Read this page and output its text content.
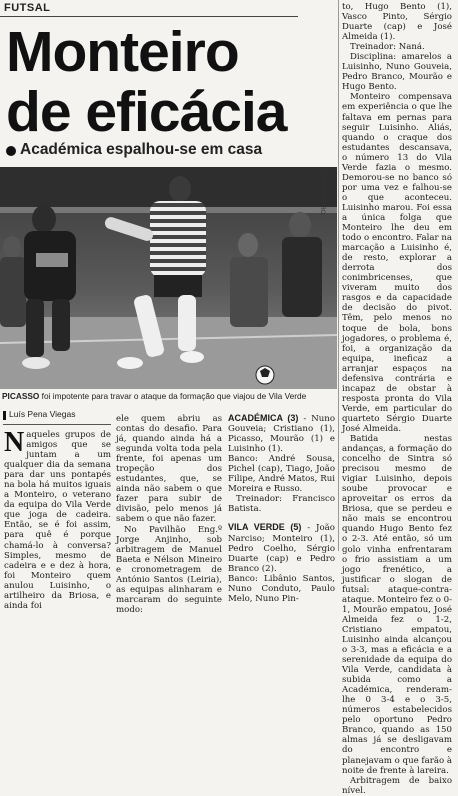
FUTSAL
Monteiro
de eficácia
Académica espalhou-se em casa
ARTE RIBEIRO
PICASSO foi impotente para travar o ataque da formação que viajou de Vila Verde
Luís Pena Viegas

Naqueles grupos de amigos que se juntam a um qualquer dia da semana para dar uns pontapés na bola há muitos iguais a Monteiro, o veterano da equipa do Vila Verde que joga de cadeira. Então, se é foi assim, para quê é porque chamá-lo à conversa? Simples, mesmo de cadeira e e dez à hora, foi Monteiro quem anulou Luisinho, o artilheiro da Briosa, e ainda foi

ele quem abriu as contas do desafio. Para já, quando ainda há a segunda volta toda pela frente, foi apenas um tropeção dos estudantes, que, se ainda não sabem o que fazer para subir de divisão, pelo menos já sabem o que não fazer.

No Pavilhão Eng.º Jorge Anjinho, sob arbitragem de Manuel Baeta e Nélson Mineiro e cronometragem de António Santos (Leiria), as equipas alinharam e marcaram do seguinte modo:

ACADÉMICA (3) - Nuno Gouveia; Cristiano (1), Picasso, Mourão (1) e Luisinho (1).

Banco: André Sousa, Pichel (cap), Tiago, João Filipe, André Matos, Rui Moreira e Russo.

Treinador: Francisco Batista.

VILA VERDE (5) - João Narciso; Monteiro (1), Pedro Coelho, Sérgio Duarte (cap) e Pedro Branco (2).

Banco: Libânio Santos, Nuno Conduto, Paulo Melo, Nuno Pin-

to, Hugo Bento (1), Vasco Pinto, Sérgio Duarte (cap) e José Almeida (1).

Treinador: Naná.

Disciplina: amarelos a Luisinho, Nuno Gouveia, Pedro Branco, Mourão e Hugo Bento.

Monteiro compensava em experiência o que lhe faltava em pernas para seguir Luisinho. Aliás, quando o craque dos estudantes descansava, o número 13 do Vila Verde fazia o mesmo. Demorou-se no banco só por uma vez e falhou-se o que aconteceu. Luisinho marou. Foi essa a única folga que Monteiro lhe deu em todo o encontro. Falar na marcação a Luisinho é, de resto, explorar a derrota dos conimbricenses, que viveram muito dos rasgos e da capacidade de decisão do pivot. Têm, pelo menos no toque de bola, bons jogadores, o problema é, foi, a organização da equipa, ineficaz a arranjar espaços na defensiva contrária e incapaz de obstar à resposta pronta do Vila Verde, em particular do quarteto Sérgio Duarte José Almeida.

Batida nestas andanças, a formação do concelho de Sintra só precisou mesmo de vigiar Luisinho, depois soube provocar e aproveitar os erros da Briosa, que se perdeu e não mais se encontrou quando Hugo Bento fez o 2-3. Até então, só um golo vinha enfrentaram o frio assistiam a um jogo frenético, a justificar o slogan de futsal: ataque-contra-ataque. Monteiro fez o 0-1, Mourão empatou, José Almeida fez o 1-2, Cristiano empatou, Luisinho ainda alcançou o 3-3, mas a eficácia e a serenidade da equipa do Vila Verde, candidata à subida como a Académica, renderam-lhe 0 3-4 e o 3-5, números estabelecidos pelo oportuno Pedro Branco, quando as 150 almas já se desligavam do encontro e planejavam o que farão à noite de frente à lareira.

Arbitragem de baixo nível.
